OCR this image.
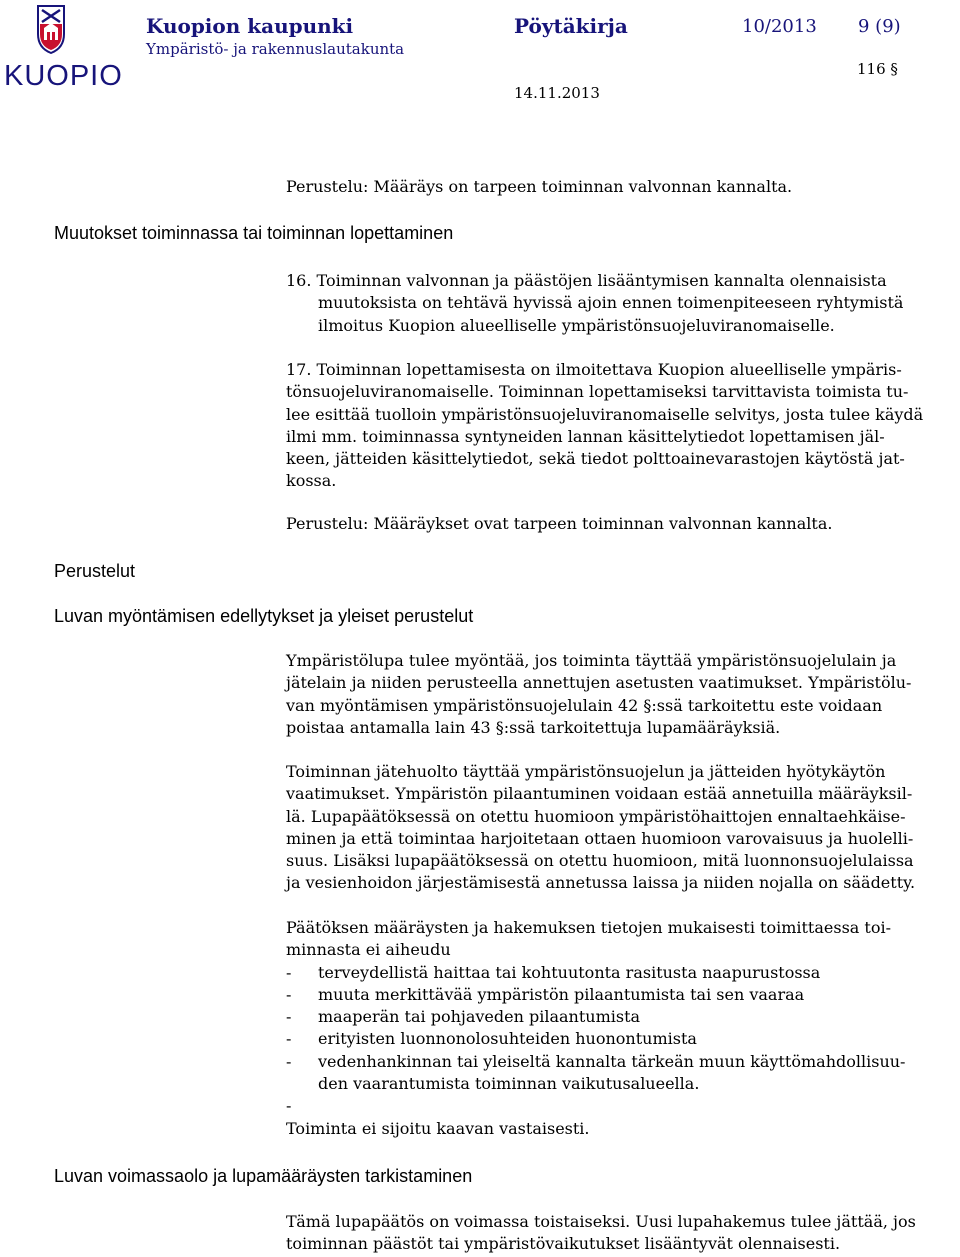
KUOPIO
Kuopion kaupunki
Ympäristö- ja rakennuslautakunta
Pöytäkirja	10/2013 9 (9)
116 §
14.11.2013
Perustelu: Määräys on tarpeen toiminnan valvonnan kannalta.
Muutokset toiminnassa tai toiminnan lopettaminen
16. Toiminnan valvonnan ja päästöjen lisääntymisen kannalta olennaisista
muutoksista on tehtävä hyvissä ajoin ennen toimenpiteeseen ryhtymistä
ilmoitus Kuopion alueelliselle ympäristönsuojeluviranomaiselle.
17. Toiminnan lopettamisesta on ilmoitettava Kuopion alueelliselle ympäris-
tönsuojeluviranomaiselle. Toiminnan lopettamiseksi tarvittavista toimista tu-
lee esittää tuolloin ympäristönsuojeluviranomaiselle selvitys, josta tulee käydä
ilmi mm. toiminnassa syntyneiden lannan käsittelytiedot lopettamisen jäl-
keen, jätteiden käsittelytiedot, sekä tiedot polttoainevarastojen käytöstä jat-
kossa.
Perustelu: Määräykset ovat tarpeen toiminnan valvonnan kannalta.
Perustelut
Luvan myöntämisen edellytykset ja yleiset perustelut
Ympäristölupa tulee myöntää, jos toiminta täyttää ympäristönsuojelulain ja
jätelain ja niiden perusteella annettujen asetusten vaatimukset. Ympäristölu-
van myöntämisen ympäristönsuojelulain 42 §:ssä tarkoitettu este voidaan
poistaa antamalla lain 43 §:ssä tarkoitettuja lupamääräyksiä.
Toiminnan jätehuolto täyttää ympäristönsuojelun ja jätteiden hyötykäytön
vaatimukset. Ympäristön pilaantuminen voidaan estää annetuilla määräyksil-
lä. Lupapäätöksessä on otettu huomioon ympäristöhaittojen ennaltaehkäise-
minen ja että toimintaa harjoitetaan ottaen huomioon varovaisuus ja huolelli-
suus. Lisäksi lupapäätöksessä on otettu huomioon, mitä luonnonsuojelulaissa
ja vesienhoidon järjestämisestä annetussa laissa ja niiden nojalla on säädetty.
Päätöksen määräysten ja hakemuksen tietojen mukaisesti toimittaessa toi-
minnasta ei aiheudu
- terveydellistä haittaa tai kohtuutonta rasitusta naapurustossa
- muuta merkittävää ympäristön pilaantumista tai sen vaaraa
- maaperän tai pohjaveden pilaantumista
- erityisten luonnonolosuhteiden huonontumista
- vedenhankinnan tai yleiseltä kannalta tärkeän muun käyttömahdollisuu-
den vaarantumista toiminnan vaikutusalueella.
-
Toiminta ei sijoitu kaavan vastaisesti.
Luvan voimassaolo ja lupamääräysten tarkistaminen
Tämä lupapäätös on voimassa toistaiseksi. Uusi lupahakemus tulee jättää, jos
toiminnan päästöt tai ympäristövaikutukset lisääntyvät olennaisesti.
